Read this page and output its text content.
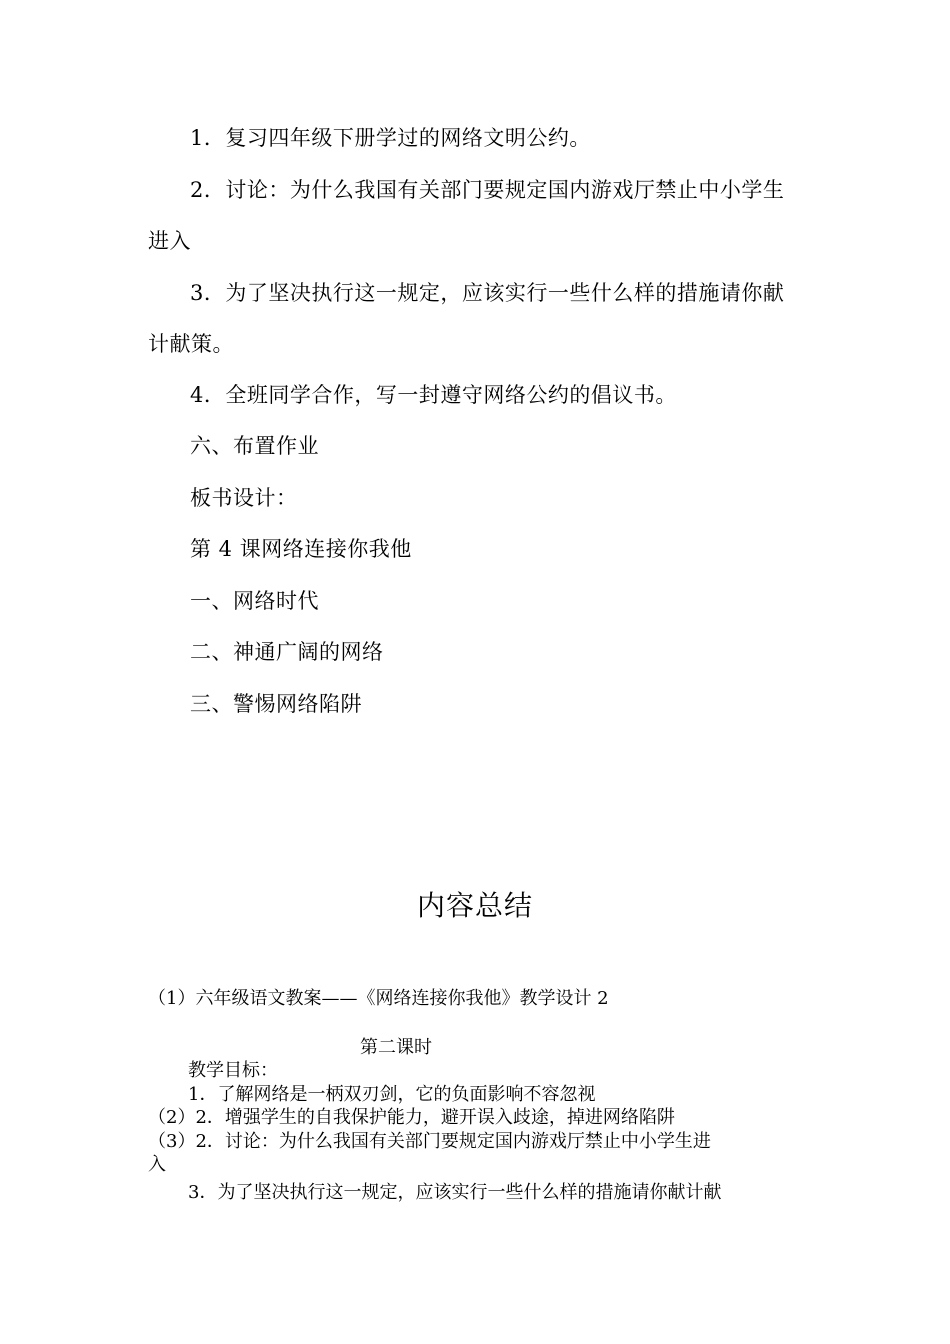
1．复习四年级下册学过的网络文明公约。
2．讨论：为什么我国有关部门要规定国内游戏厅禁止中小学生
进入
3．为了坚决执行这一规定，应该实行一些什么样的措施请你献
计献策。
4．全班同学合作，写一封遵守网络公约的倡议书。
六、布置作业
板书设计：
第 4 课网络连接你我他
一、网络时代
二、神通广阔的网络
三、警惕网络陷阱
内容总结
（1）六年级语文教案——《网络连接你我他》教学设计 2
第二课时
教学目标：
1．了解网络是一柄双刃剑，它的负面影响不容忽视
（2）2．增强学生的自我保护能力，避开误入歧途，掉进网络陷阱
（3）2．讨论：为什么我国有关部门要规定国内游戏厅禁止中小学生进
入
3．为了坚决执行这一规定，应该实行一些什么样的措施请你献计献
